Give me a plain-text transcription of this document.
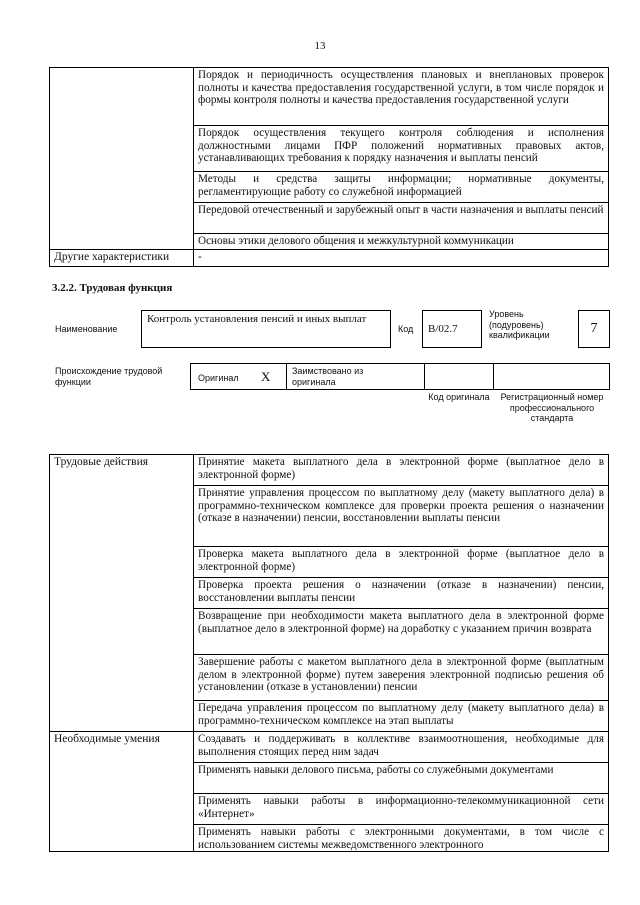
13
	Порядок и периодичность осуществления плановых и внеплановых проверок полноты и качества предоставления государственной услуги, в том числе порядок и формы контроля полноты и качества предоставления государственной услуги
	Порядок осуществления текущего контроля соблюдения и исполнения должностными лицами ПФР положений нормативных правовых актов, устанавливающих требования к порядку назначения и выплаты пенсий
	Методы и средства защиты информации; нормативные документы, регламентирующие работу со служебной информацией
	Передовой отечественный и зарубежный опыт в части назначения и выплаты пенсий
	Основы этики делового общения и межкультурной коммуникации
Другие характеристики	-
3.2.2. Трудовая функция
Наименование
Контроль установления пенсий и иных выплат
Код	B/02.7
Уровень (подуровень) квалификации	7
Происхождение трудовой функции	Оригинал X Заимствовано из оригинала
Код оригинала	Регистрационный номер профессионального стандарта
Трудовые действия	Принятие макета выплатного дела в электронной форме (выплатное дело в электронной форме)
	Принятие управления процессом по выплатному делу (макету выплатного дела) в программно-техническом комплексе для проверки проекта решения о назначении (отказе в назначении) пенсии, восстановлении выплаты пенсии
	Проверка макета выплатного дела в электронной форме (выплатное дело в электронной форме)
	Проверка проекта решения о назначении (отказе в назначении) пенсии, восстановлении выплаты пенсии
	Возвращение при необходимости макета выплатного дела в электронной форме (выплатное дело в электронной форме) на доработку с указанием причин возврата
	Завершение работы с макетом выплатного дела в электронной форме (выплатным делом в электронной форме) путем заверения электронной подписью решения об установлении (отказе в установлении) пенсии
	Передача управления процессом по выплатному делу (макету выплатного дела) в программно-техническом комплексе на этап выплаты
Необходимые умения	Создавать и поддерживать в коллективе взаимоотношения, необходимые для выполнения стоящих перед ним задач
	Применять навыки делового письма, работы со служебными документами
	Применять навыки работы в информационно-телекоммуникационной сети «Интернет»
	Применять навыки работы с электронными документами, в том числе с использованием системы межведомственного электронного
